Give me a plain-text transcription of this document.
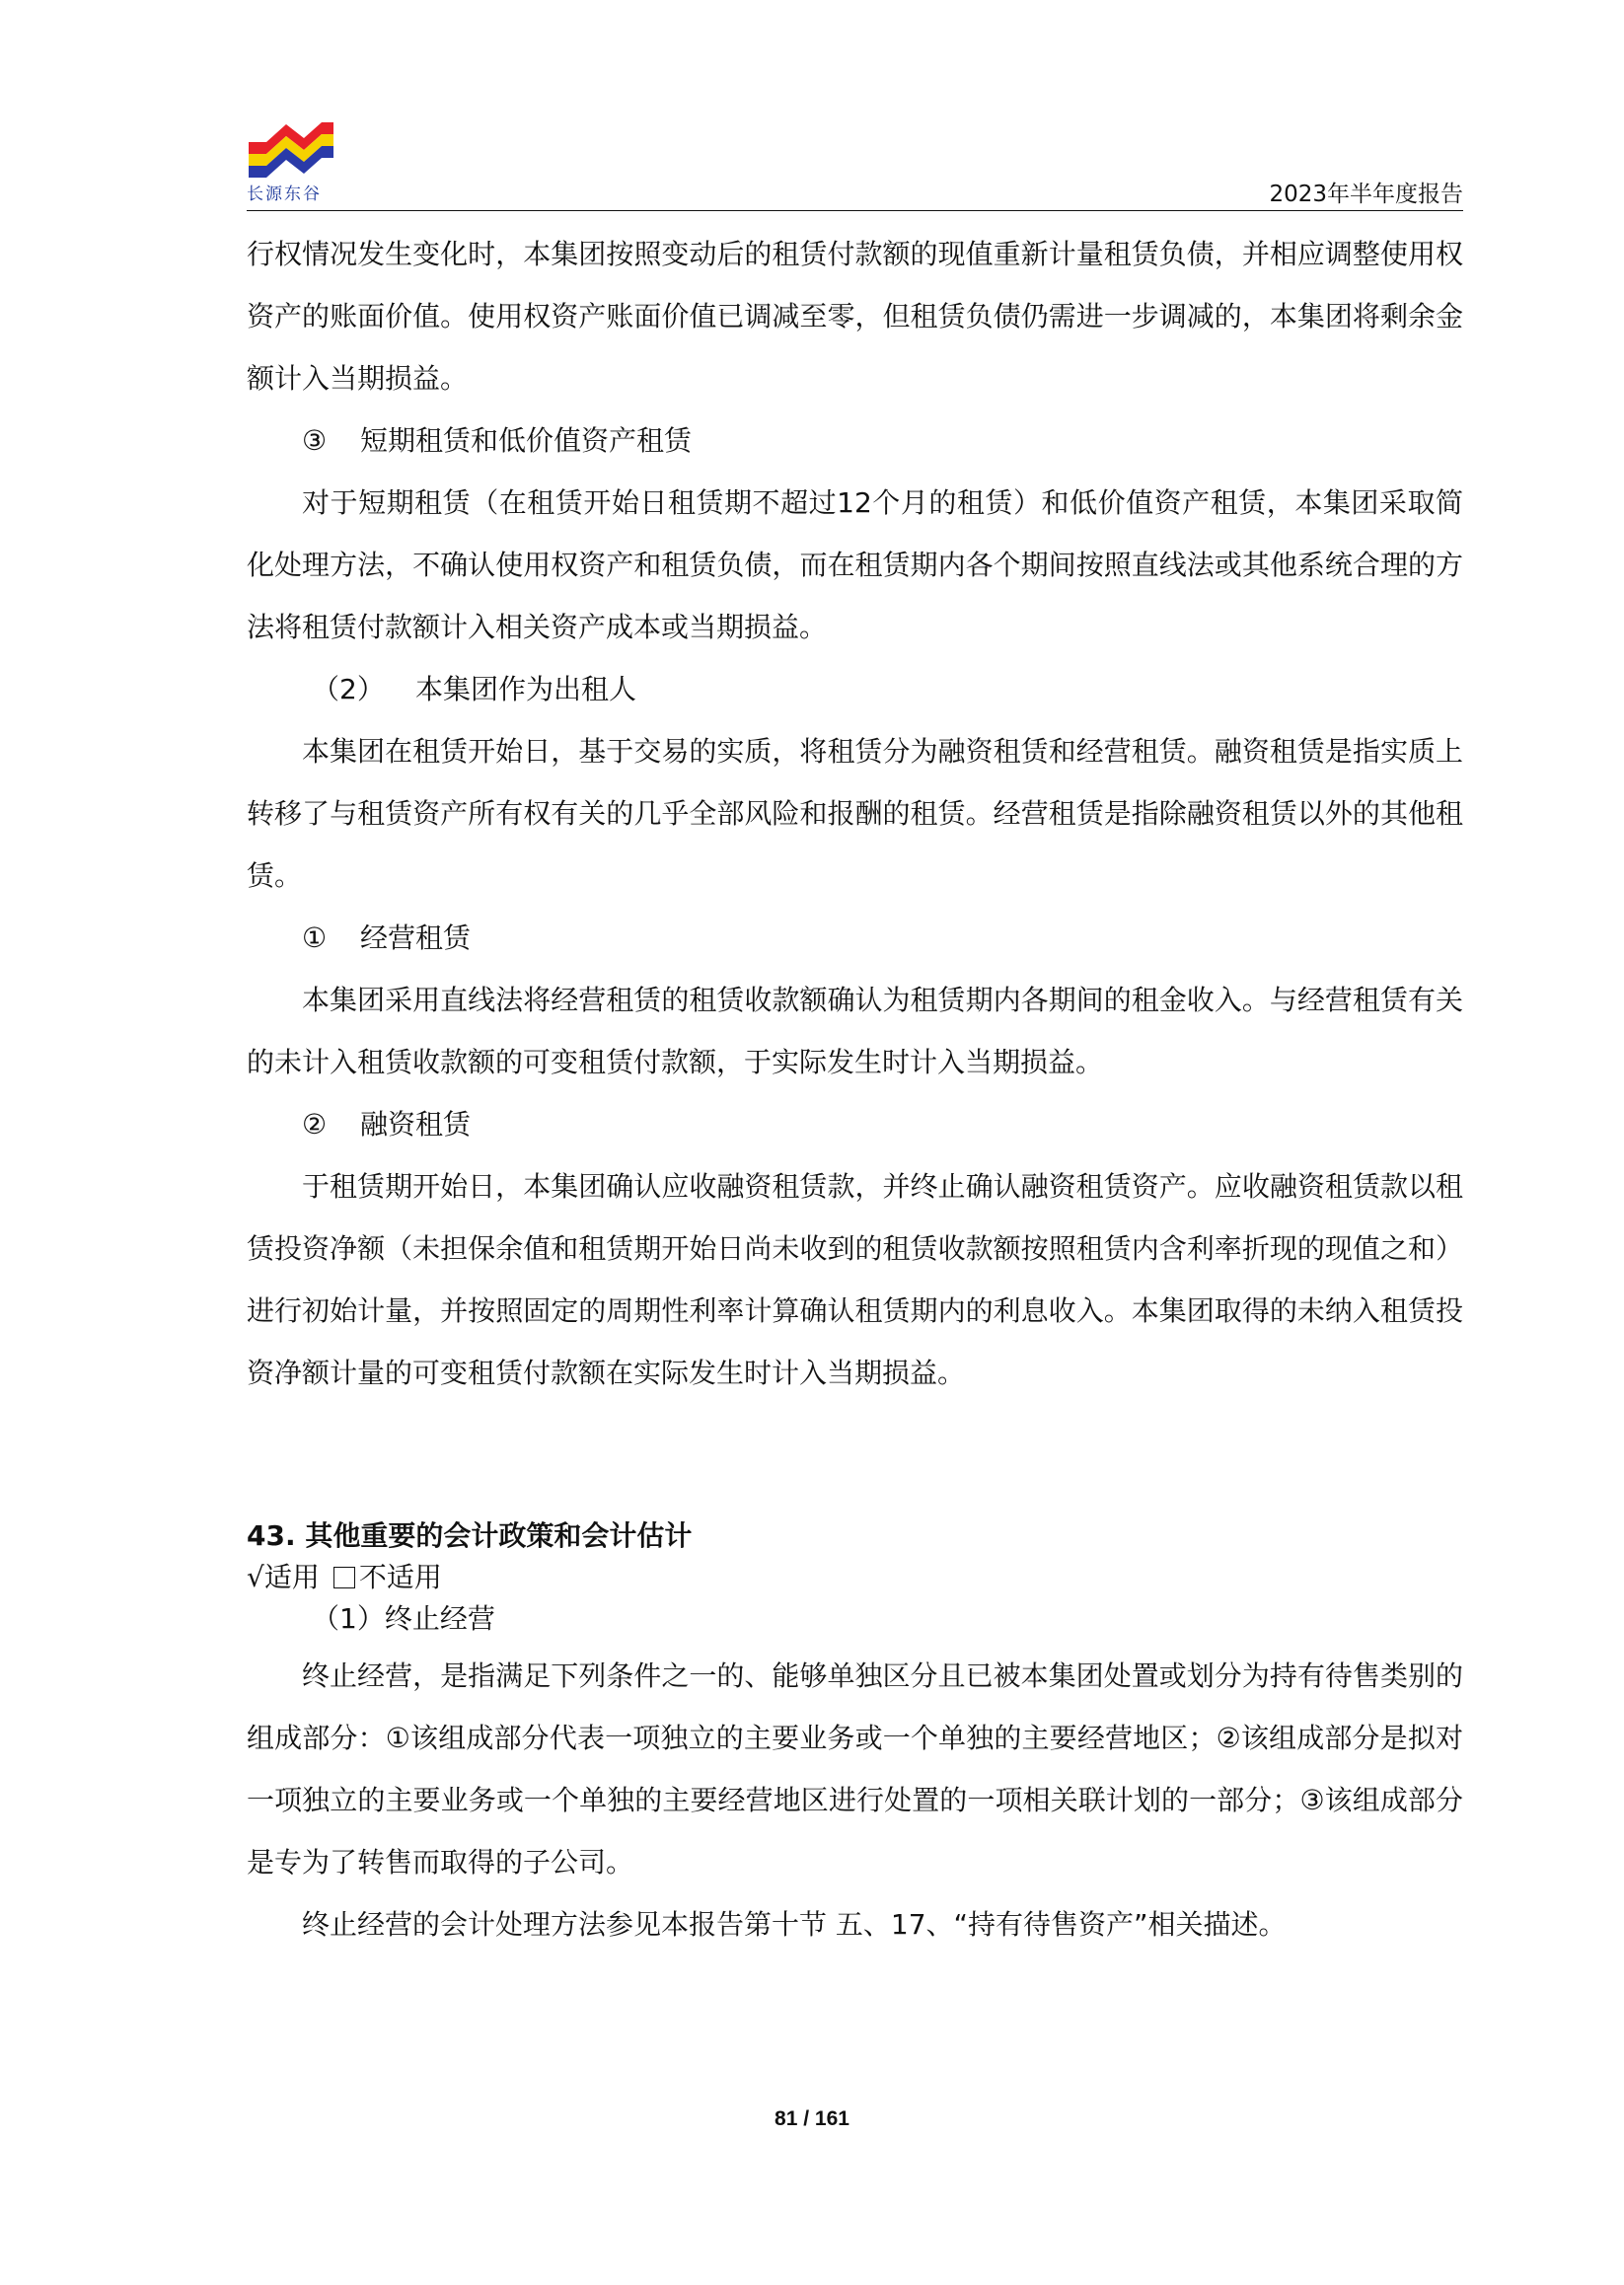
长源东谷	2023年半年度报告

行权情况发生变化时，本集团按照变动后的租赁付款额的现值重新计量租赁负债，并相应调整使用权资产的账面价值。使用权资产账面价值已调减至零，但租赁负债仍需进一步调减的，本集团将剩余金额计入当期损益。

③ 短期租赁和低价值资产租赁

对于短期租赁（在租赁开始日租赁期不超过12个月的租赁）和低价值资产租赁，本集团采取简化处理方法，不确认使用权资产和租赁负债，而在租赁期内各个期间按照直线法或其他系统合理的方法将租赁付款额计入相关资产成本或当期损益。

（2） 本集团作为出租人

本集团在租赁开始日，基于交易的实质，将租赁分为融资租赁和经营租赁。融资租赁是指实质上转移了与租赁资产所有权有关的几乎全部风险和报酬的租赁。经营租赁是指除融资租赁以外的其他租赁。

① 经营租赁

本集团采用直线法将经营租赁的租赁收款额确认为租赁期内各期间的租金收入。与经营租赁有关的未计入租赁收款额的可变租赁付款额，于实际发生时计入当期损益。

② 融资租赁

于租赁期开始日，本集团确认应收融资租赁款，并终止确认融资租赁资产。应收融资租赁款以租赁投资净额（未担保余值和租赁期开始日尚未收到的租赁收款额按照租赁内含利率折现的现值之和）进行初始计量，并按照固定的周期性利率计算确认租赁期内的利息收入。本集团取得的未纳入租赁投资净额计量的可变租赁付款额在实际发生时计入当期损益。

43. 其他重要的会计政策和会计估计

√适用 不适用

（1）终止经营

终止经营，是指满足下列条件之一的、能够单独区分且已被本集团处置或划分为持有待售类别的组成部分：①该组成部分代表一项独立的主要业务或一个单独的主要经营地区；②该组成部分是拟对一项独立的主要业务或一个单独的主要经营地区进行处置的一项相关联计划的一部分；③该组成部分是专为了转售而取得的子公司。

终止经营的会计处理方法参见本报告第十节 五、17、“持有待售资产”相关描述。

81 / 161
